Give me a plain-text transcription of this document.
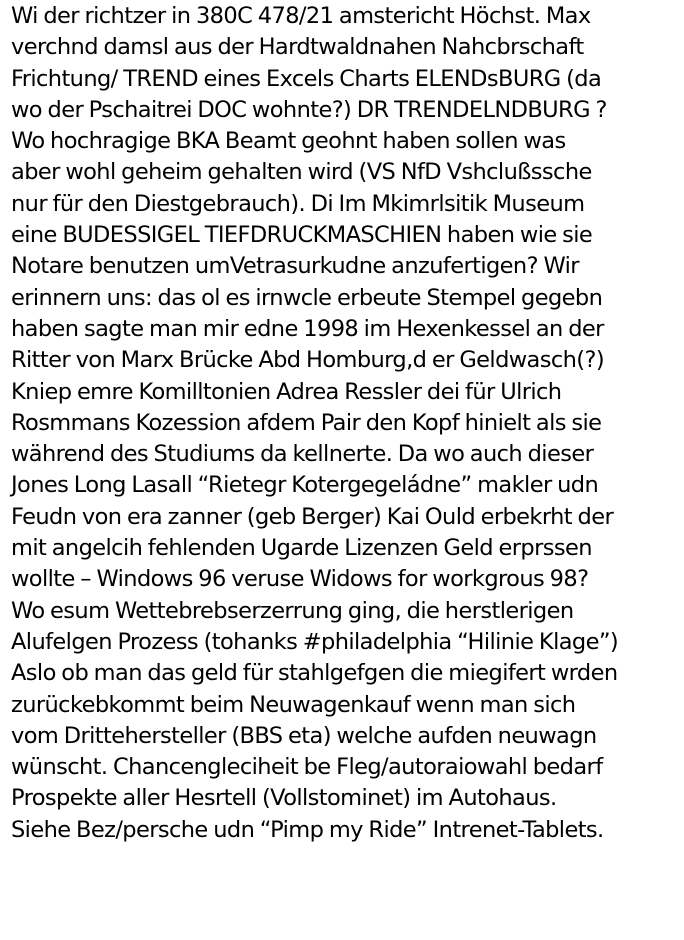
Wi der richtzer in 380C 478/21 amstericht Höchst. Max
verchnd damsl aus der Hardtwaldnahen Nahcbrschaft
Frichtung/ TREND eines Excels Charts ELENDsBURG (da
wo der Pschaitrei DOC wohnte?) DR TRENDELNDBURG ?
Wo hochragige BKA Beamt geohnt haben sollen was
aber wohl geheim gehalten wird (VS NfD Vshclußssche
nur für den Diestgebrauch). Di Im Mkimrlsitik Museum
eine BUDESSIGEL TIEFDRUCKMASCHIEN haben wie sie
Notare benutzen umVetrasurkudne anzufertigen? Wir
erinnern uns: das ol es irnwcle erbeute Stempel gegebn
haben sagte man mir edne 1998 im Hexenkessel an der
Ritter von Marx Brücke Abd Homburg,d er Geldwasch(?)
Kniep emre Komilltonien Adrea Ressler dei für Ulrich
Rosmmans Kozession afdem Pair den Kopf hinielt als sie
während des Studiums da kellnerte. Da wo auch dieser
Jones Long Lasall “Rietegr Kotergegeládne” makler udn
Feudn von era zanner (geb Berger) Kai Ould erbekrht der
mit angelcih fehlenden Ugarde Lizenzen Geld erprssen
wollte – Windows 96 veruse Widows for workgrous 98?
Wo esum Wettebrebserzerrung ging, die herstlerigen
Alufelgen Prozess (tohanks #philadelphia “Hilinie Klage”)
Aslo ob man das geld für stahlgefgen die miegifert wrden
zurückebkommt beim Neuwagenkauf wenn man sich
vom Drittehersteller (BBS eta) welche aufden neuwagn
wünscht. Chancengleciheit be Fleg/autoraiowahl bedarf
Prospekte aller Hesrtell (Vollstominet) im Autohaus.
Siehe Bez/persche udn “Pimp my Ride” Intrenet-Tablets.
